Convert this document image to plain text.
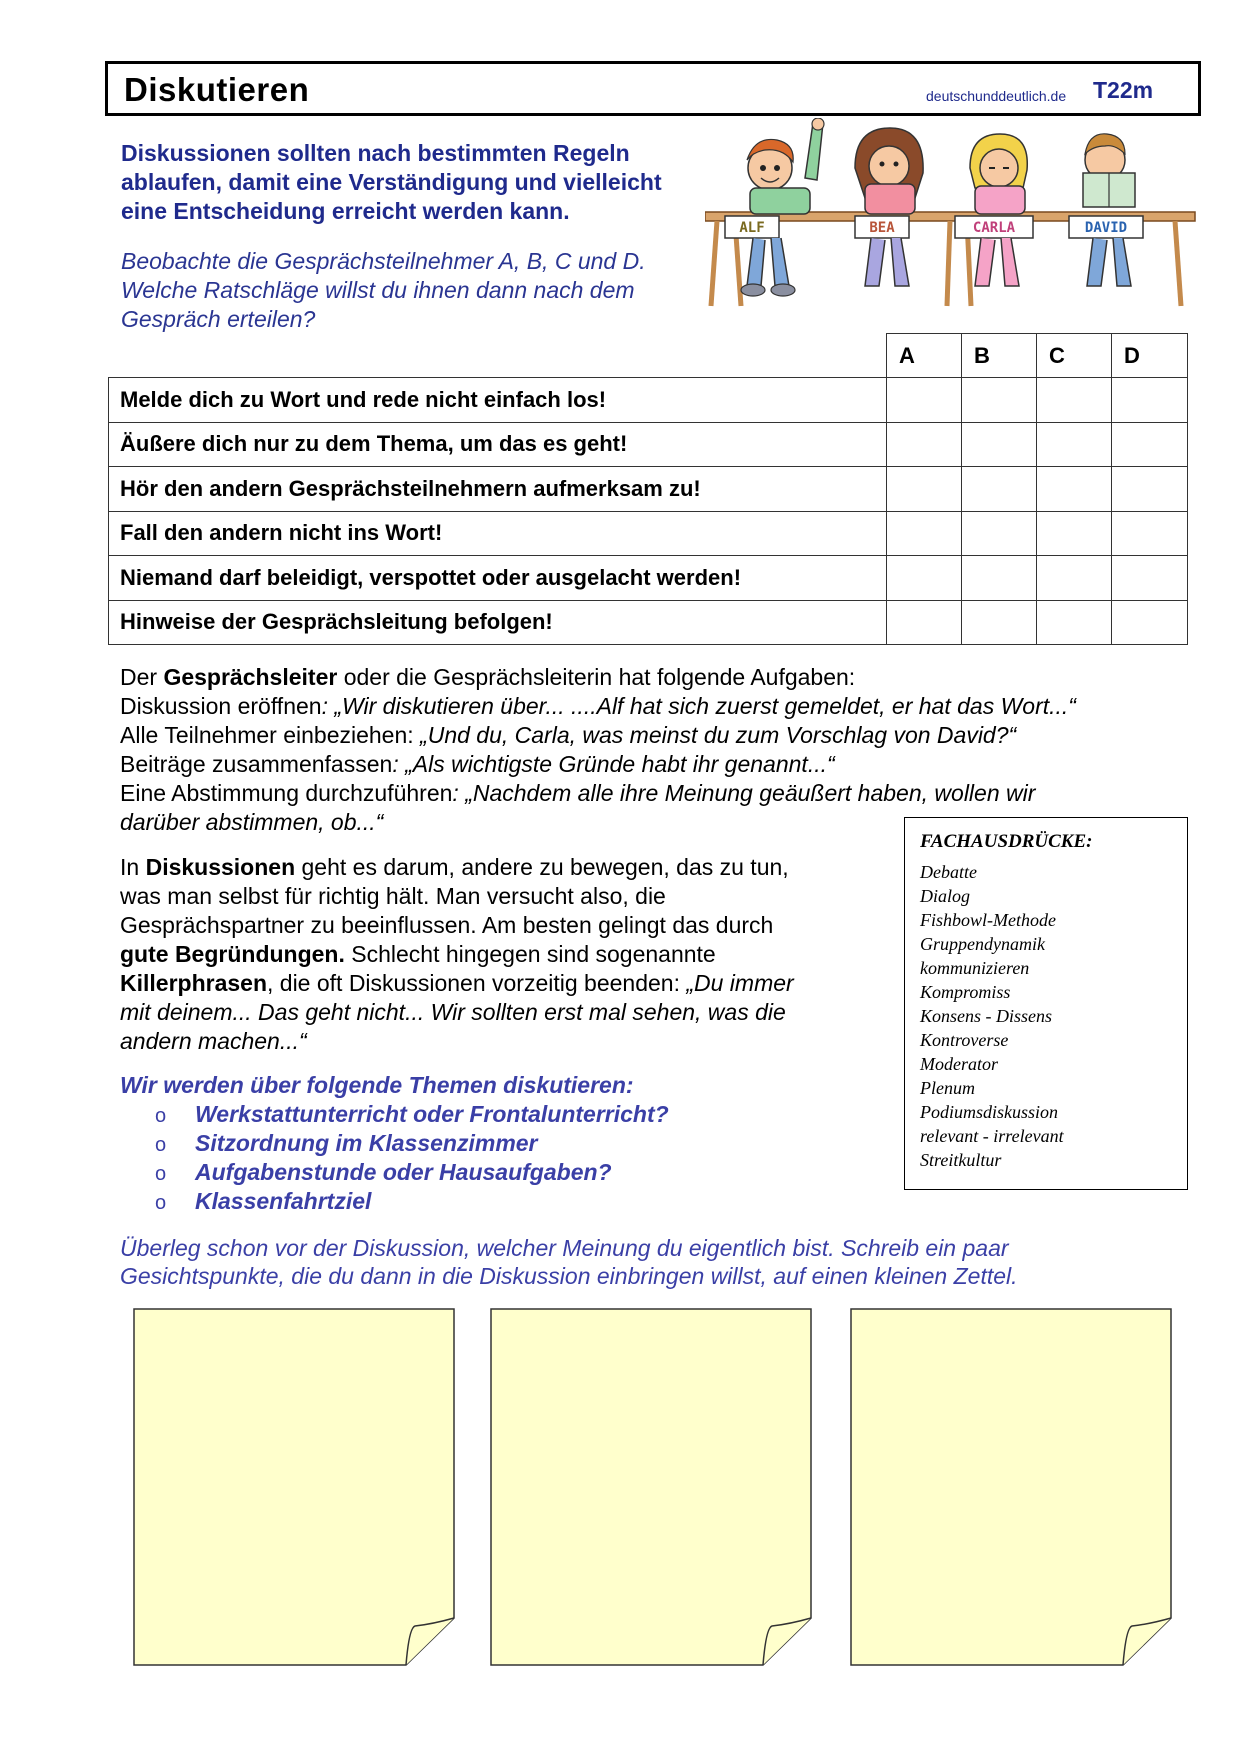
Diskutieren	deutschunddeutlich.de T22m
Diskussionen sollten nach bestimmten Regeln
ablaufen, damit eine Verständigung und vielleicht
eine Entscheidung erreicht werden kann.
Beobachte die Gesprächsteilnehmer A, B, C und D.
Welche Ratschläge willst du ihnen dann nach dem
Gespräch erteilen?
ALF	BEA	CARLA	DAVID
	A	B	C	D
Melde dich zu Wort und rede nicht einfach los!				
Äußere dich nur zu dem Thema, um das es geht!				
Hör den andern Gesprächsteilnehmern aufmerksam zu!				
Fall den andern nicht ins Wort!				
Niemand darf beleidigt, verspottet oder ausgelacht werden!				
Hinweise der Gesprächsleitung befolgen!				
Der Gesprächsleiter oder die Gesprächsleiterin hat folgende Aufgaben:
Diskussion eröffnen: „Wir diskutieren über... ....Alf hat sich zuerst gemeldet, er hat das Wort...“
Alle Teilnehmer einbeziehen: „Und du, Carla, was meinst du zum Vorschlag von David?“
Beiträge zusammenfassen: „Als wichtigste Gründe habt ihr genannt...“
Eine Abstimmung durchzuführen: „Nachdem alle ihre Meinung geäußert haben, wollen wir
darüber abstimmen, ob...“
In Diskussionen geht es darum, andere zu bewegen, das zu tun,
was man selbst für richtig hält. Man versucht also, die
Gesprächspartner zu beeinflussen. Am besten gelingt das durch
gute Begründungen. Schlecht hingegen sind sogenannte
Killerphrasen, die oft Diskussionen vorzeitig beenden: „Du immer
mit deinem... Das geht nicht... Wir sollten erst mal sehen, was die
andern machen...“
FACHAUSDRÜCKE:
Debatte
Dialog
Fishbowl-Methode
Gruppendynamik
kommunizieren
Kompromiss
Konsens - Dissens
Kontroverse
Moderator
Plenum
Podiumsdiskussion
relevant - irrelevant
Streitkultur
Wir werden über folgende Themen diskutieren:
o Werkstattunterricht oder Frontalunterricht?
o Sitzordnung im Klassenzimmer
o Aufgabenstunde oder Hausaufgaben?
o Klassenfahrtziel
Überleg schon vor der Diskussion, welcher Meinung du eigentlich bist. Schreib ein paar
Gesichtspunkte, die du dann in die Diskussion einbringen willst, auf einen kleinen Zettel.
